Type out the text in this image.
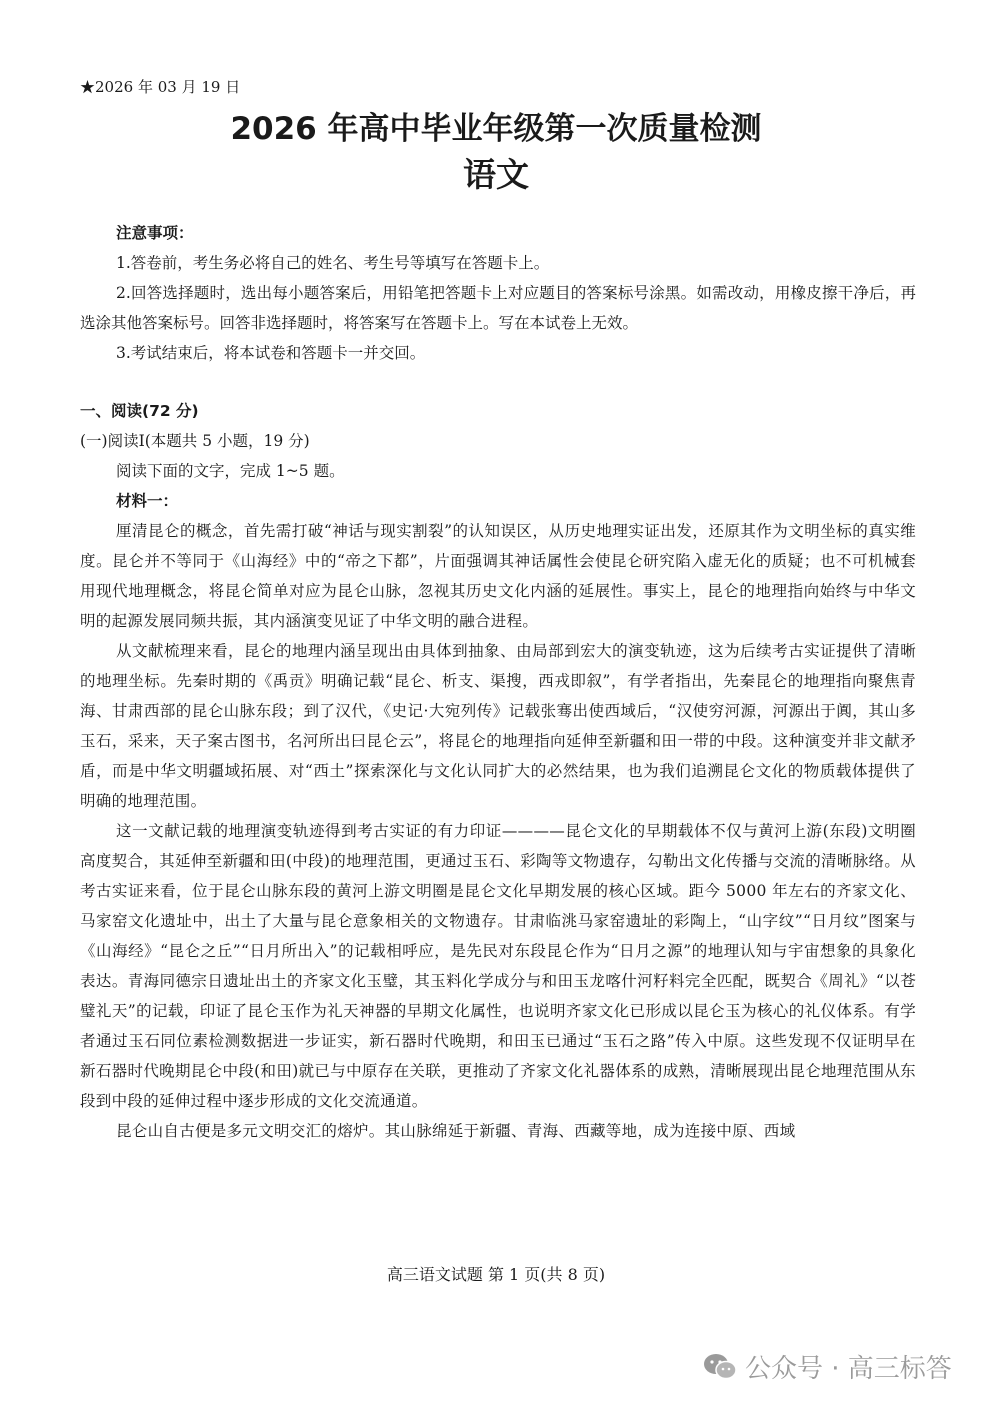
★2026 年 03 月 19 日
2026 年高中毕业年级第一次质量检测
语文
注意事项：
1.答卷前，考生务必将自己的姓名、考生号等填写在答题卡上。
2.回答选择题时，选出每小题答案后，用铅笔把答题卡上对应题目的答案标号涂黑。如需改动，用橡皮擦干净后，再选涂其他答案标号。回答非选择题时，将答案写在答题卡上。写在本试卷上无效。
3.考试结束后，将本试卷和答题卡一并交回。
一、阅读(72 分)
(一)阅读Ⅰ(本题共 5 小题，19 分)
阅读下面的文字，完成 1~5 题。
材料一：

厘清昆仑的概念，首先需打破“神话与现实割裂”的认知误区，从历史地理实证出发，还原其作为文明坐标的真实维度。昆仑并不等同于《山海经》中的“帝之下都”，片面强调其神话属性会使昆仑研究陷入虚无化的质疑；也不可机械套用现代地理概念，将昆仑简单对应为昆仑山脉，忽视其历史文化内涵的延展性。事实上，昆仑的地理指向始终与中华文明的起源发展同频共振，其内涵演变见证了中华文明的融合进程。

从文献梳理来看，昆仑的地理内涵呈现出由具体到抽象、由局部到宏大的演变轨迹，这为后续考古实证提供了清晰的地理坐标。先秦时期的《禹贡》明确记载“昆仑、析支、渠搜，西戎即叙”，有学者指出，先秦昆仑的地理指向聚焦青海、甘肃西部的昆仑山脉东段；到了汉代，《史记·大宛列传》记载张骞出使西域后，“汉使穷河源，河源出于阗，其山多玉石，采来，天子案古图书，名河所出曰昆仑云”，将昆仑的地理指向延伸至新疆和田一带的中段。这种演变并非文献矛盾，而是中华文明疆域拓展、对“西土”探索深化与文化认同扩大的必然结果，也为我们追溯昆仑文化的物质载体提供了明确的地理范围。

这一文献记载的地理演变轨迹得到考古实证的有力印证————昆仑文化的早期载体不仅与黄河上游(东段)文明圈高度契合，其延伸至新疆和田(中段)的地理范围，更通过玉石、彩陶等文物遗存，勾勒出文化传播与交流的清晰脉络。从考古实证来看，位于昆仑山脉东段的黄河上游文明圈是昆仑文化早期发展的核心区域。距今 5000 年左右的齐家文化、马家窑文化遗址中，出土了大量与昆仑意象相关的文物遗存。甘肃临洮马家窑遗址的彩陶上，“山字纹”“日月纹”图案与《山海经》“昆仑之丘”“日月所出入”的记载相呼应，是先民对东段昆仑作为“日月之源”的地理认知与宇宙想象的具象化表达。青海同德宗日遗址出土的齐家文化玉璧，其玉料化学成分与和田玉龙喀什河籽料完全匹配，既契合《周礼》“以苍璧礼天”的记载，印证了昆仑玉作为礼天神器的早期文化属性，也说明齐家文化已形成以昆仑玉为核心的礼仪体系。有学者通过玉石同位素检测数据进一步证实，新石器时代晚期，和田玉已通过“玉石之路”传入中原。这些发现不仅证明早在新石器时代晚期昆仑中段(和田)就已与中原存在关联，更推动了齐家文化礼器体系的成熟，清晰展现出昆仑地理范围从东段到中段的延伸过程中逐步形成的文化交流通道。

昆仑山自古便是多元文明交汇的熔炉。其山脉绵延于新疆、青海、西藏等地，成为连接中原、西域

高三语文试题 第 1 页(共 8 页)
公众号 · 高三标答
